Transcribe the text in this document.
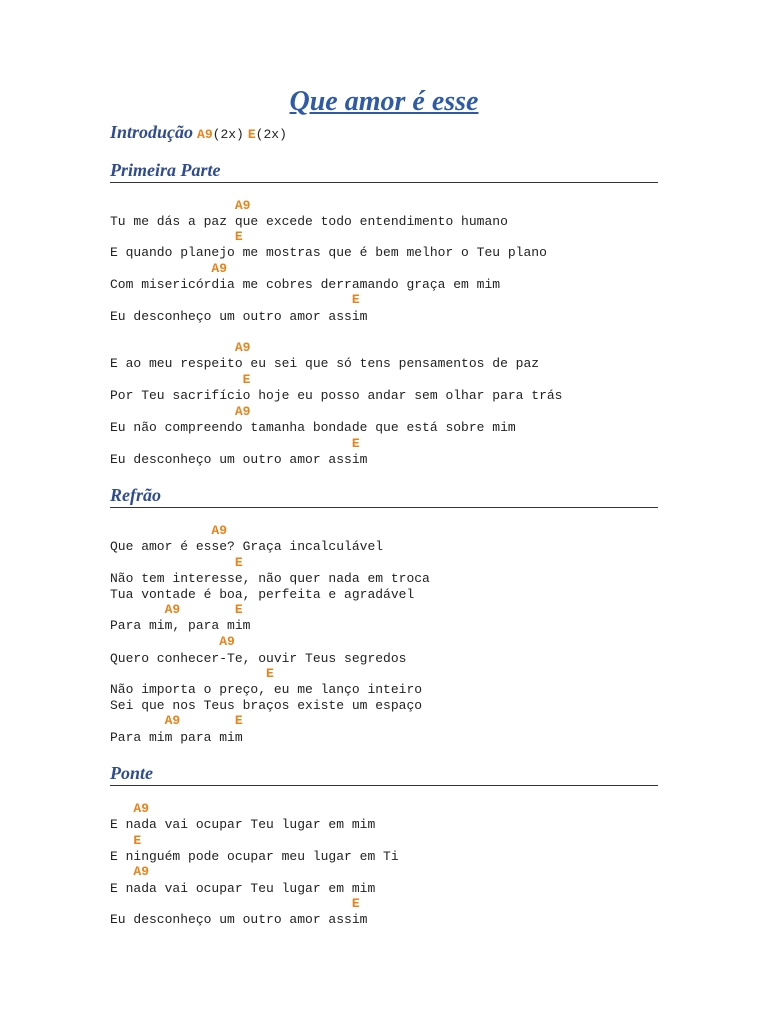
Que amor é esse
Introdução A9(2x) E(2x)
Primeira Parte
A9
Tu me dás a paz que excede todo entendimento humano
E
E quando planejo me mostras que é bem melhor o Teu plano
A9
Com misericórdia me cobres derramando graça em mim
E
Eu desconheço um outro amor assim
A9
E ao meu respeito eu sei que só tens pensamentos de paz
E
Por Teu sacrifício hoje eu posso andar sem olhar para trás
A9
Eu não compreendo tamanha bondade que está sobre mim
E
Eu desconheço um outro amor assim
Refrão
A9
Que amor é esse? Graça incalculável
E
Não tem interesse, não quer nada em troca
Tua vontade é boa, perfeita e agradável
A9       E
Para mim, para mim
A9
Quero conhecer-Te, ouvir Teus segredos
E
Não importa o preço, eu me lanço inteiro
Sei que nos Teus braços existe um espaço
A9       E
Para mim para mim
Ponte
A9
E nada vai ocupar Teu lugar em mim
E
E ninguém pode ocupar meu lugar em Ti
A9
E nada vai ocupar Teu lugar em mim
E
Eu desconheço um outro amor assim
